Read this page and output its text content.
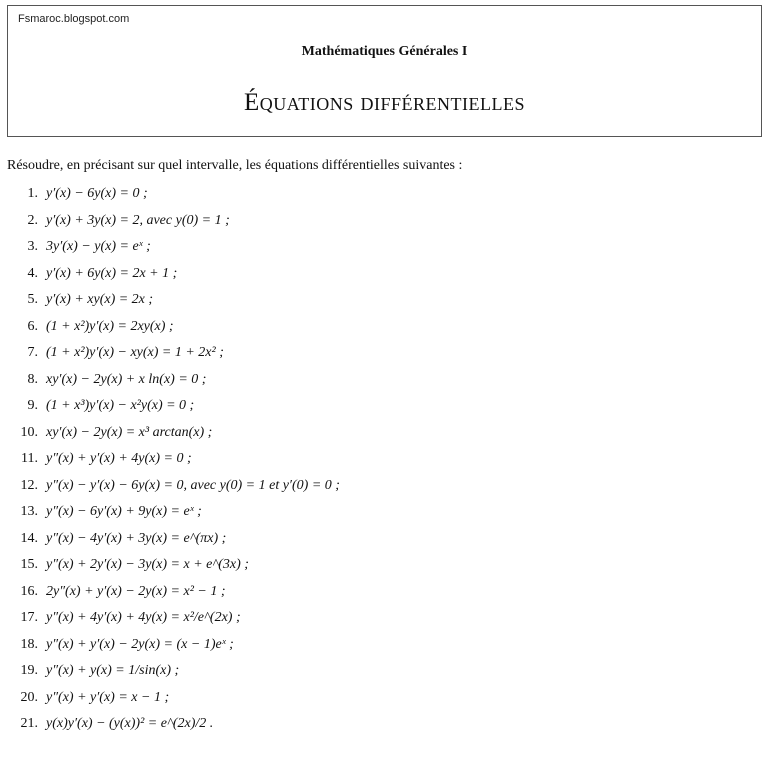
Fsmaroc.blogspot.com
Mathématiques Générales I
Équations différentielles
Résoudre, en précisant sur quel intervalle, les équations différentielles suivantes :
1. y′(x) − 6y(x) = 0 ;
2. y′(x) + 3y(x) = 2, avec y(0) = 1 ;
3. 3y′(x) − y(x) = eˣ ;
4. y′(x) + 6y(x) = 2x + 1 ;
5. y′(x) + xy(x) = 2x ;
6. (1 + x²)y′(x) = 2xy(x) ;
7. (1 + x²)y′(x) − xy(x) = 1 + 2x² ;
8. xy′(x) − 2y(x) + x ln(x) = 0 ;
9. (1 + x³)y′(x) − x²y(x) = 0 ;
10. xy′(x) − 2y(x) = x³ arctan(x) ;
11. y″(x) + y′(x) + 4y(x) = 0 ;
12. y″(x) − y′(x) − 6y(x) = 0, avec y(0) = 1 et y′(0) = 0 ;
13. y″(x) − 6y′(x) + 9y(x) = eˣ ;
14. y″(x) − 4y′(x) + 3y(x) = e^(πx) ;
15. y″(x) + 2y′(x) − 3y(x) = x + e^(3x) ;
16. 2y″(x) + y′(x) − 2y(x) = x² − 1 ;
17. y″(x) + 4y′(x) + 4y(x) = x²/e^(2x) ;
18. y″(x) + y′(x) − 2y(x) = (x − 1)eˣ ;
19. y″(x) + y(x) = 1/sin(x) ;
20. y″(x) + y′(x) = x − 1 ;
21. y(x)y′(x) − (y(x))² = e^(2x)/2 .
